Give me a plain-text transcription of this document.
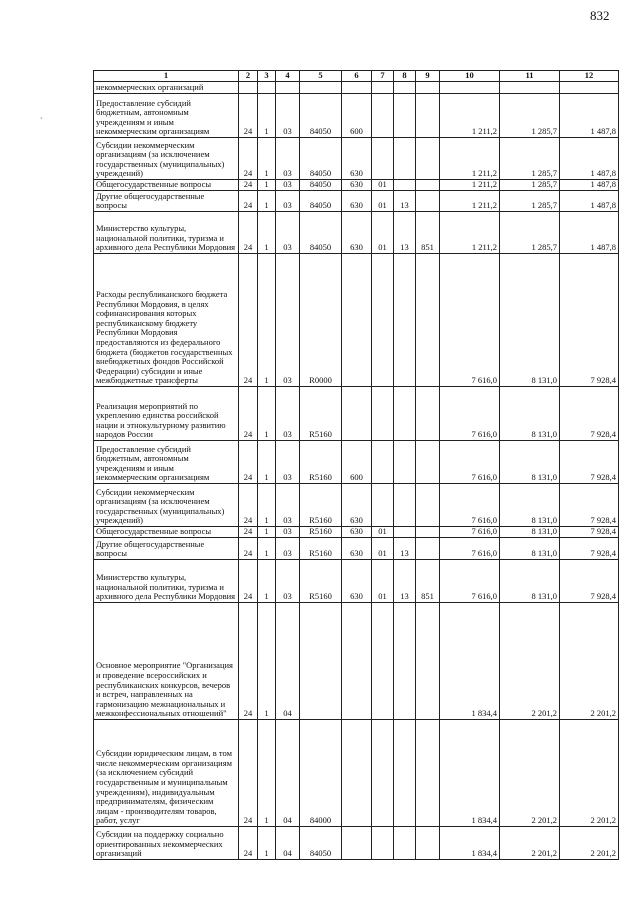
832
`
1	2	3	4	5	6	7	8	9	10	11	12
некоммерческих организаций											
Предоставление субсидий бюджетным, автономным учреждениям и иным некоммерческим организациям	24	1	03	84050	600				1 211,2	1 285,7	1 487,8
Субсидии некоммерческим организациям (за исключением государственных (муниципальных) учреждений)	24	1	03	84050	630				1 211,2	1 285,7	1 487,8
Общегосударственные вопросы	24	1	03	84050	630	01			1 211,2	1 285,7	1 487,8
Другие общегосударственные вопросы	24	1	03	84050	630	01	13		1 211,2	1 285,7	1 487,8
Министерство культуры, национальной политики, туризма и архивного дела Республики Мордовия	24	1	03	84050	630	01	13	851	1 211,2	1 285,7	1 487,8
Расходы республиканского бюджета Республики Мордовия, в целях софинансирования которых республиканскому бюджету Республики Мордовия предоставляются из федерального бюджета (бюджетов государственных внебюджетных фондов Российской Федерации) субсидии и иные межбюджетные трансферты	24	1	03	R0000					7 616,0	8 131,0	7 928,4
Реализация мероприятий по укреплению единства российской нации и этнокультурному развитию народов России	24	1	03	R5160					7 616,0	8 131,0	7 928,4
Предоставление субсидий бюджетным, автономным учреждениям и иным некоммерческим организациям	24	1	03	R5160	600				7 616,0	8 131,0	7 928,4
Субсидии некоммерческим организациям (за исключением государственных (муниципальных) учреждений)	24	1	03	R5160	630				7 616,0	8 131,0	7 928,4
Общегосударственные вопросы	24	1	03	R5160	630	01			7 616,0	8 131,0	7 928,4
Другие общегосударственные вопросы	24	1	03	R5160	630	01	13		7 616,0	8 131,0	7 928,4
Министерство культуры, национальной политики, туризма и архивного дела Республики Мордовия	24	1	03	R5160	630	01	13	851	7 616,0	8 131,0	7 928,4
Основное мероприятие "Организация и проведение всероссийских и республиканских конкурсов, вечеров и встреч, направленных на гармонизацию межнациональных и межконфессиональных отношений"	24	1	04						1 834,4	2 201,2	2 201,2
Субсидии юридическим лицам, в том числе некоммерческим организациям (за исключением субсидий государственным и муниципальным учреждениям), индивидуальным предпринимателям, физическим лицам - производителям товаров, работ, услуг	24	1	04	84000					1 834,4	2 201,2	2 201,2
Субсидии на поддержку социально ориентированных некоммерческих организаций	24	1	04	84050					1 834,4	2 201,2	2 201,2
